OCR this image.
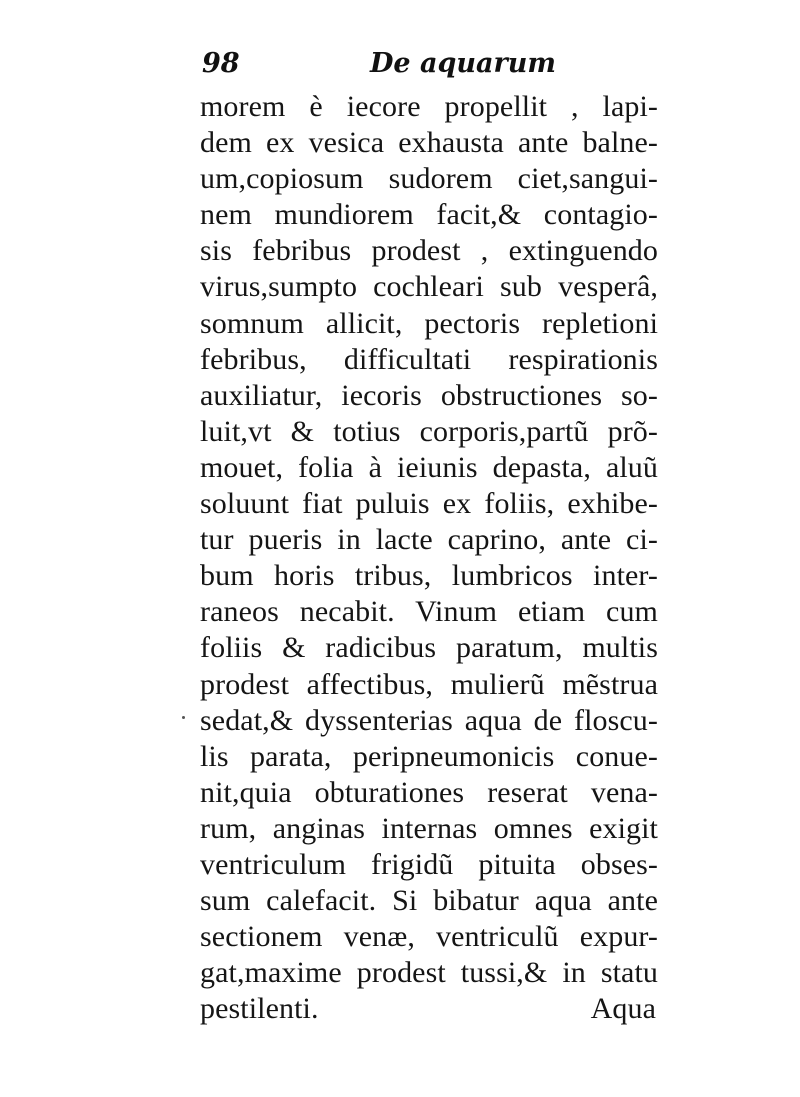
98	De aquarum
morem è iecore propellit , lapi-
dem ex vesica exhausta ante balne-
um,copiosum sudorem ciet,sangui-
nem mundiorem facit,& contagio-
sis febribus prodest , extinguendo
virus,sumpto cochleari sub vesperâ,
somnum allicit, pectoris repletioni
febribus, difficultati respirationis
auxiliatur, iecoris obstructiones so-
luit,vt & totius corporis,partũ prõ-
mouet, folia à ieiunis depasta, aluũ
soluunt fiat puluis ex foliis, exhibe-
tur pueris in lacte caprino, ante ci-
bum horis tribus, lumbricos inter-
raneos necabit. Vinum etiam cum
foliis & radicibus paratum, multis
prodest affectibus, mulierũ mẽstrua
sedat,& dyssenterias aqua de floscu-
lis parata, peripneumonicis conue-
nit,quia obturationes reserat vena-
rum, anginas internas omnes exigit
ventriculum frigidũ pituita obses-
sum calefacit. Si bibatur aqua ante
sectionem venæ, ventriculũ expur-
gat,maxime prodest tussi,& in statu
pestilenti.	Aqua
